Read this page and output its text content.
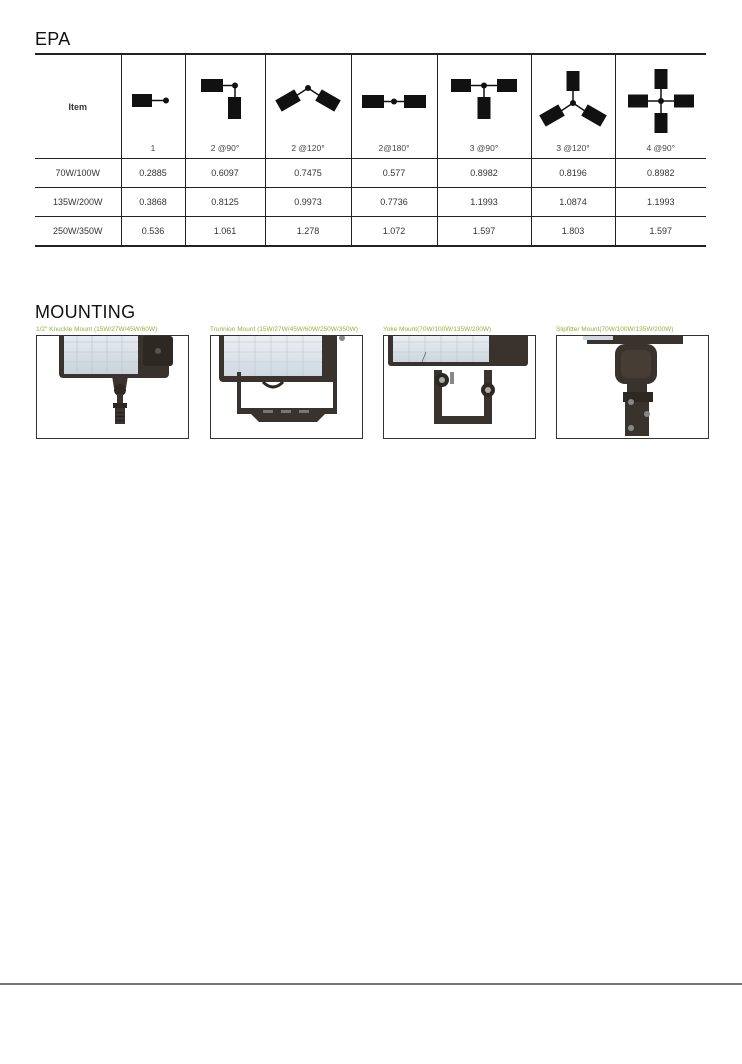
EPA
Item	1	2 @90°	2 @120°	2@180°	3 @90°	3 @120°	4 @90°

70W/100W	0.2885	0.6097	0.7475	0.577	0.8982	0.8196	0.8982
135W/200W	0.3868	0.8125	0.9973	0.7736	1.1993	1.0874	1.1993
250W/350W	0.536	1.061	1.278	1.072	1.597	1.803	1.597
MOUNTING
1/2" Knuckle Mount (15W/27W/45W/60W)	Trunnion Mount (15W/27W/45W/60W/250W/350W)	Yoke Mount(70W/100W/135W/200W)	Slipfitter Mount(70W/100W/135W/200W)
